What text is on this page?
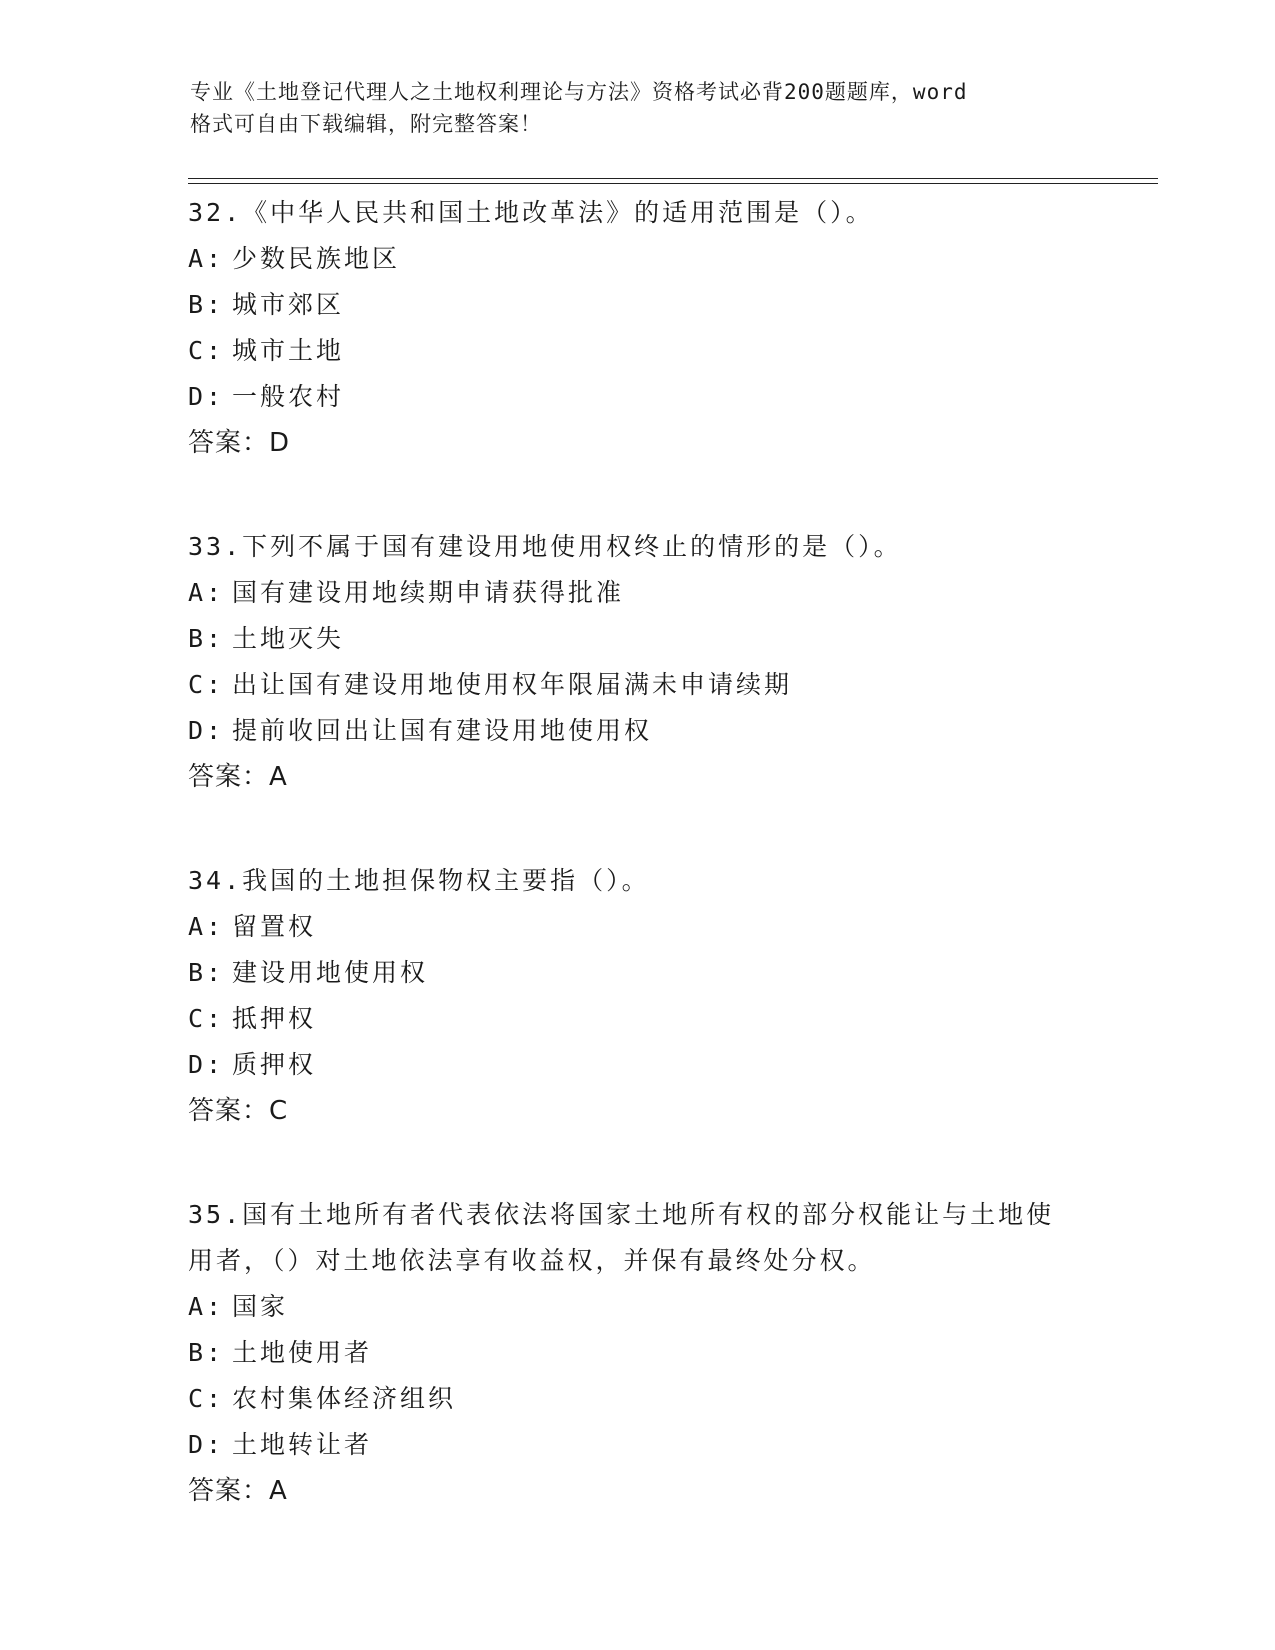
专业《土地登记代理人之土地权利理论与方法》资格考试必背200题题库，word
格式可自由下载编辑，附完整答案！
32.《中华人民共和国土地改革法》的适用范围是（）。
A: 少数民族地区
B: 城市郊区
C: 城市土地
D: 一般农村
答案：D
33.下列不属于国有建设用地使用权终止的情形的是（）。
A: 国有建设用地续期申请获得批准
B: 土地灭失
C: 出让国有建设用地使用权年限届满未申请续期
D: 提前收回出让国有建设用地使用权
答案：A
34.我国的土地担保物权主要指（）。
A: 留置权
B: 建设用地使用权
C: 抵押权
D: 质押权
答案：C
35.国有土地所有者代表依法将国家土地所有权的部分权能让与土地使
用者，（）对土地依法享有收益权，并保有最终处分权。
A: 国家
B: 土地使用者
C: 农村集体经济组织
D: 土地转让者
答案：A
